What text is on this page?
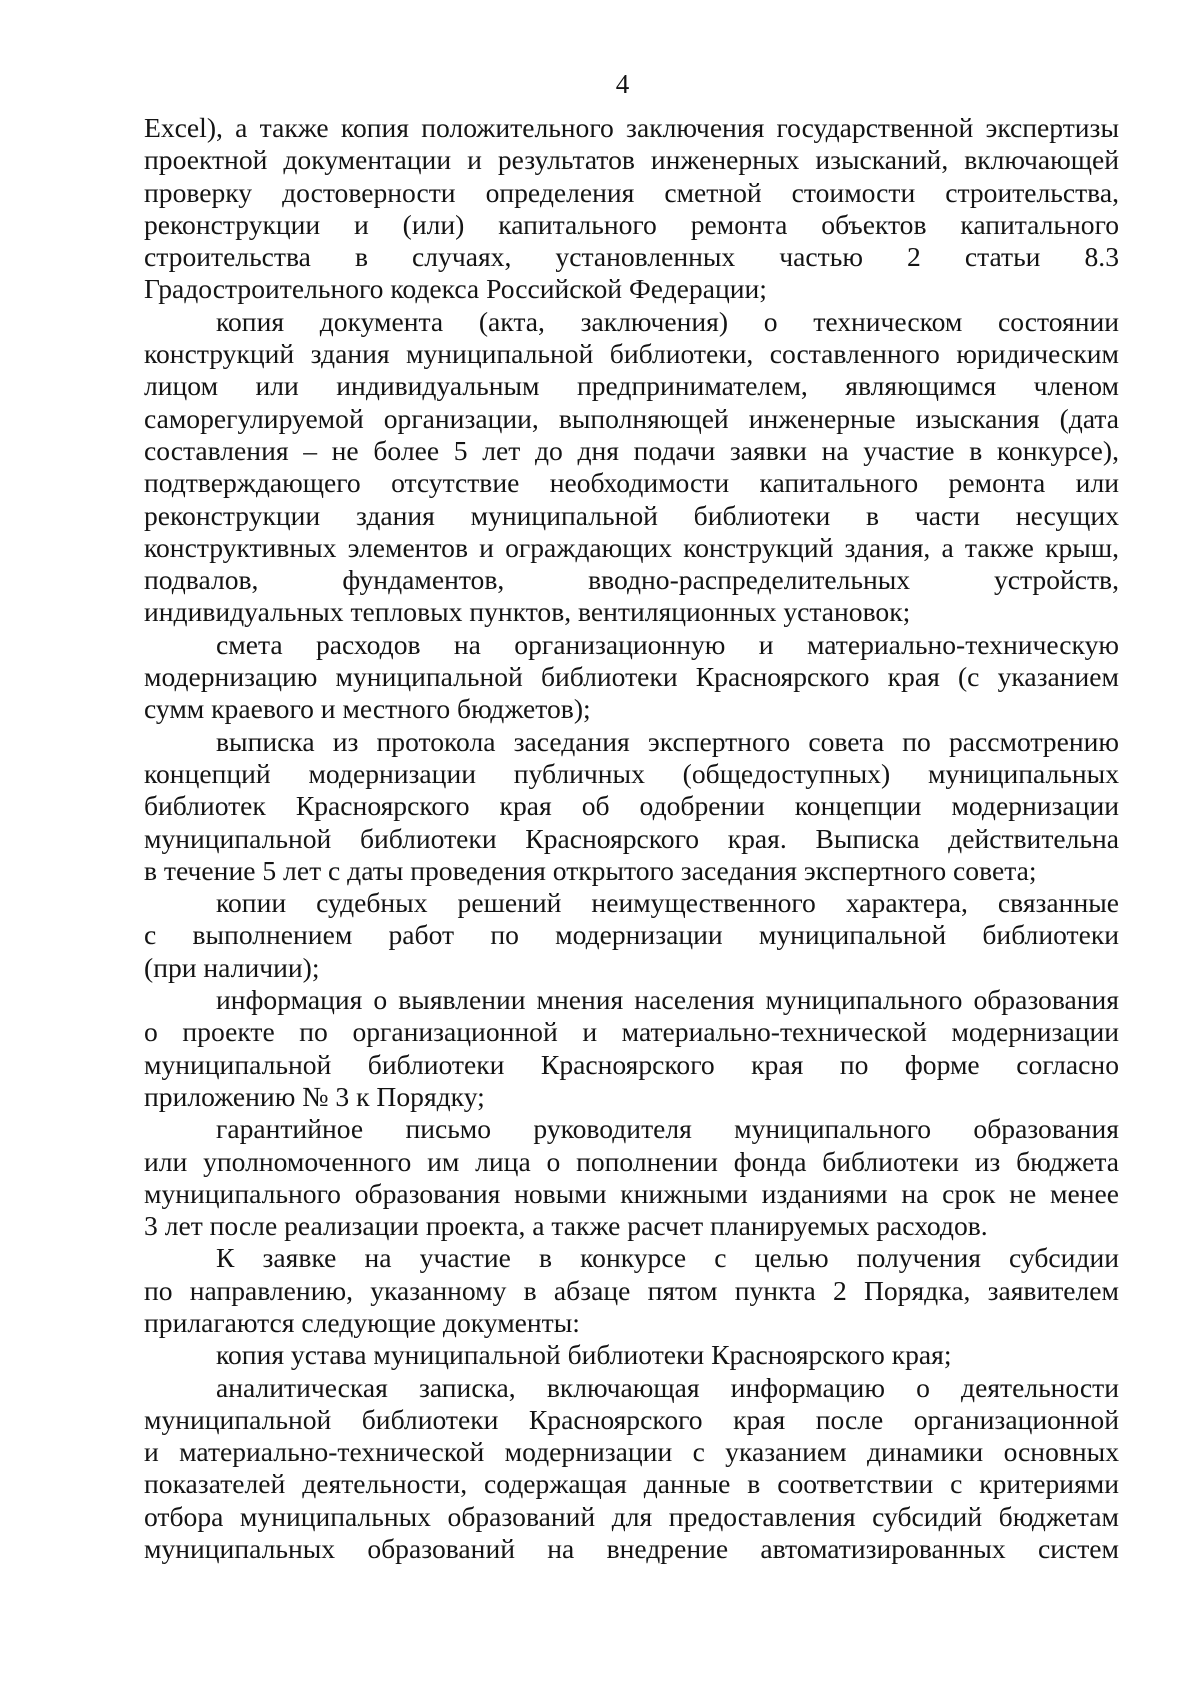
4
Excel), а также копия положительного заключения государственной экспертизы
проектной документации и результатов инженерных изысканий, включающей
проверку достоверности определения сметной стоимости строительства,
реконструкции и (или) капитального ремонта объектов капитального
строительства в случаях, установленных частью 2 статьи 8.3
Градостроительного кодекса Российской Федерации;
копия документа (акта, заключения) о техническом состоянии
конструкций здания муниципальной библиотеки, составленного юридическим
лицом или индивидуальным предпринимателем, являющимся членом
саморегулируемой организации, выполняющей инженерные изыскания (дата
составления – не более 5 лет до дня подачи заявки на участие в конкурсе),
подтверждающего отсутствие необходимости капитального ремонта или
реконструкции здания муниципальной библиотеки в части несущих
конструктивных элементов и ограждающих конструкций здания, а также крыш,
подвалов, фундаментов, вводно-распределительных устройств,
индивидуальных тепловых пунктов, вентиляционных установок;
смета расходов на организационную и материально-техническую
модернизацию муниципальной библиотеки Красноярского края (с указанием
сумм краевого и местного бюджетов);
выписка из протокола заседания экспертного совета по рассмотрению
концепций модернизации публичных (общедоступных) муниципальных
библиотек Красноярского края об одобрении концепции модернизации
муниципальной библиотеки Красноярского края. Выписка действительна
в течение 5 лет с даты проведения открытого заседания экспертного совета;
копии судебных решений неимущественного характера, связанные
с выполнением работ по модернизации муниципальной библиотеки
(при наличии);
информация о выявлении мнения населения муниципального образования
о проекте по организационной и материально-технической модернизации
муниципальной библиотеки Красноярского края по форме согласно
приложению № 3 к Порядку;
гарантийное письмо руководителя муниципального образования
или уполномоченного им лица о пополнении фонда библиотеки из бюджета
муниципального образования новыми книжными изданиями на срок не менее
3 лет после реализации проекта, а также расчет планируемых расходов.
К заявке на участие в конкурсе с целью получения субсидии
по направлению, указанному в абзаце пятом пункта 2 Порядка, заявителем
прилагаются следующие документы:
копия устава муниципальной библиотеки Красноярского края;
аналитическая записка, включающая информацию о деятельности
муниципальной библиотеки Красноярского края после организационной
и материально-технической модернизации с указанием динамики основных
показателей деятельности, содержащая данные в соответствии с критериями
отбора муниципальных образований для предоставления субсидий бюджетам
муниципальных образований на внедрение автоматизированных систем
